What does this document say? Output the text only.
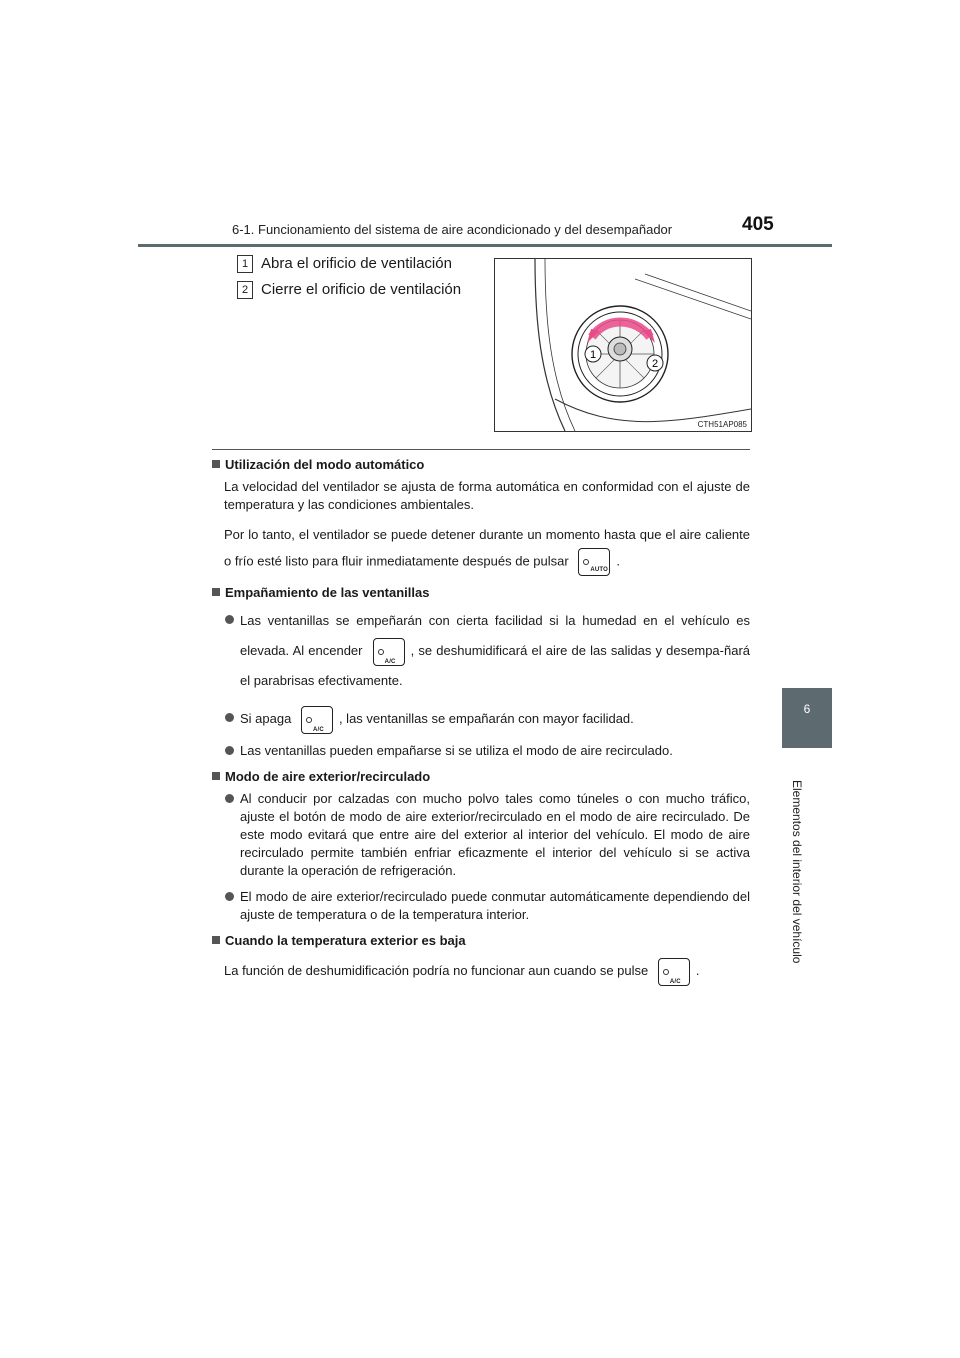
6-1. Funcionamiento del sistema de aire acondicionado y del desempañador	405
6
Elementos del interior del vehículo
1 Abra el orificio de ventilación
2 Cierre el orificio de ventilación
1
2
CTH51AP085
Utilización del modo automático

La velocidad del ventilador se ajusta de forma automática en conformidad con el ajuste de temperatura y las condiciones ambientales.

Por lo tanto, el ventilador se puede detener durante un momento hasta que el aire caliente o frío esté listo para fluir inmediatamente después de pulsar
AUTO
.

Empañamiento de las ventanillas
Las ventanillas se empeñarán con cierta facilidad si la humedad en el vehículo es elevada. Al encender
A/C
, se deshumidificará el aire de las salidas y desempa-ñará el parabrisas efectivamente.
Si apaga
A/C
, las ventanillas se empañarán con mayor facilidad.
Las ventanillas pueden empañarse si se utiliza el modo de aire recirculado.
Modo de aire exterior/recirculado
Al conducir por calzadas con mucho polvo tales como túneles o con mucho tráfico, ajuste el botón de modo de aire exterior/recirculado en el modo de aire recirculado. De este modo evitará que entre aire del exterior al interior del vehículo. El modo de aire recirculado permite también enfriar eficazmente el interior del vehículo si se activa durante la operación de refrigeración.
El modo de aire exterior/recirculado puede conmutar automáticamente dependiendo del ajuste de temperatura o de la temperatura interior.
Cuando la temperatura exterior es baja

La función de deshumidificación podría no funcionar aun cuando se pulse
A/C
.
